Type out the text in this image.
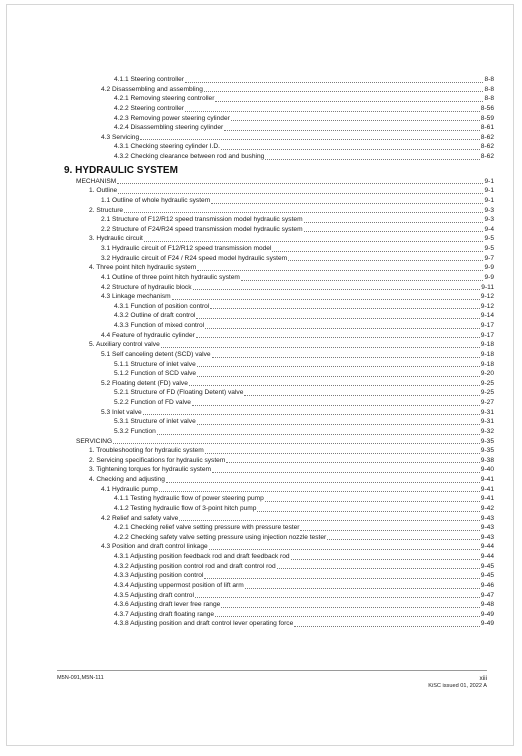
4.1.1 Steering controller	8-8
4.2 Disassembling and assembling	8-8
4.2.1 Removing steering controller	8-8
4.2.2 Steering controller	8-56
4.2.3 Removing power steering cylinder	8-59
4.2.4 Disassembling steering cylinder	8-61
4.3 Servicing	8-62
4.3.1 Checking steering cylinder I.D.	8-62
4.3.2 Checking clearance between rod and bushing	8-62
9. HYDRAULIC SYSTEM
MECHANISM	9-1
1. Outline	9-1
1.1 Outline of whole hydraulic system	9-1
2. Structure	9-3
2.1 Structure of F12/R12 speed transmission model hydraulic system	9-3
2.2 Structure of F24/R24 speed transmission model hydraulic system	9-4
3. Hydraulic circuit	9-5
3.1 Hydraulic circuit of F12/R12 speed transmission model	9-5
3.2 Hydraulic circuit of F24 / R24 speed model hydraulic system	9-7
4. Three point hitch hydraulic system	9-9
4.1 Outline of three point hitch hydraulic system	9-9
4.2 Structure of hydraulic block	9-11
4.3 Linkage mechanism	9-12
4.3.1 Function of position control	9-12
4.3.2 Outline of draft control	9-14
4.3.3 Function of mixed control	9-17
4.4 Feature of hydraulic cylinder	9-17
5. Auxiliary control valve	9-18
5.1 Self canceling detent (SCD) valve	9-18
5.1.1 Structure of inlet valve	9-18
5.1.2 Function of SCD valve	9-20
5.2 Floating detent (FD) valve	9-25
5.2.1 Structure of FD (Floating Detent) valve	9-25
5.2.2 Function of FD valve	9-27
5.3 Inlet valve	9-31
5.3.1 Structure of inlet valve	9-31
5.3.2 Function	9-32
SERVICING	9-35
1. Troubleshooting for hydraulic system	9-35
2. Servicing specifications for hydraulic system	9-38
3. Tightening torques for hydraulic system	9-40
4. Checking and adjusting	9-41
4.1 Hydraulic pump	9-41
4.1.1 Testing hydraulic flow of power steering pump	9-41
4.1.2 Testing hydraulic flow of 3-point hitch pump	9-42
4.2 Relief and safety valve	9-43
4.2.1 Checking relief valve setting pressure with pressure tester	9-43
4.2.2 Checking safety valve setting pressure using injection nozzle tester	9-43
4.3 Position and draft control linkage	9-44
4.3.1 Adjusting position feedback rod and draft feedback rod	9-44
4.3.2 Adjusting position control rod and draft control rod	9-45
4.3.3 Adjusting position control	9-45
4.3.4 Adjusting uppermost position of lift arm	9-46
4.3.5 Adjusting draft control	9-47
4.3.6 Adjusting draft lever free range	9-48
4.3.7 Adjusting draft floating range	9-49
4.3.8 Adjusting position and draft control lever operating force	9-49
M5N-091,M5N-111	xiii
KiSC issued 01, 2022 A
